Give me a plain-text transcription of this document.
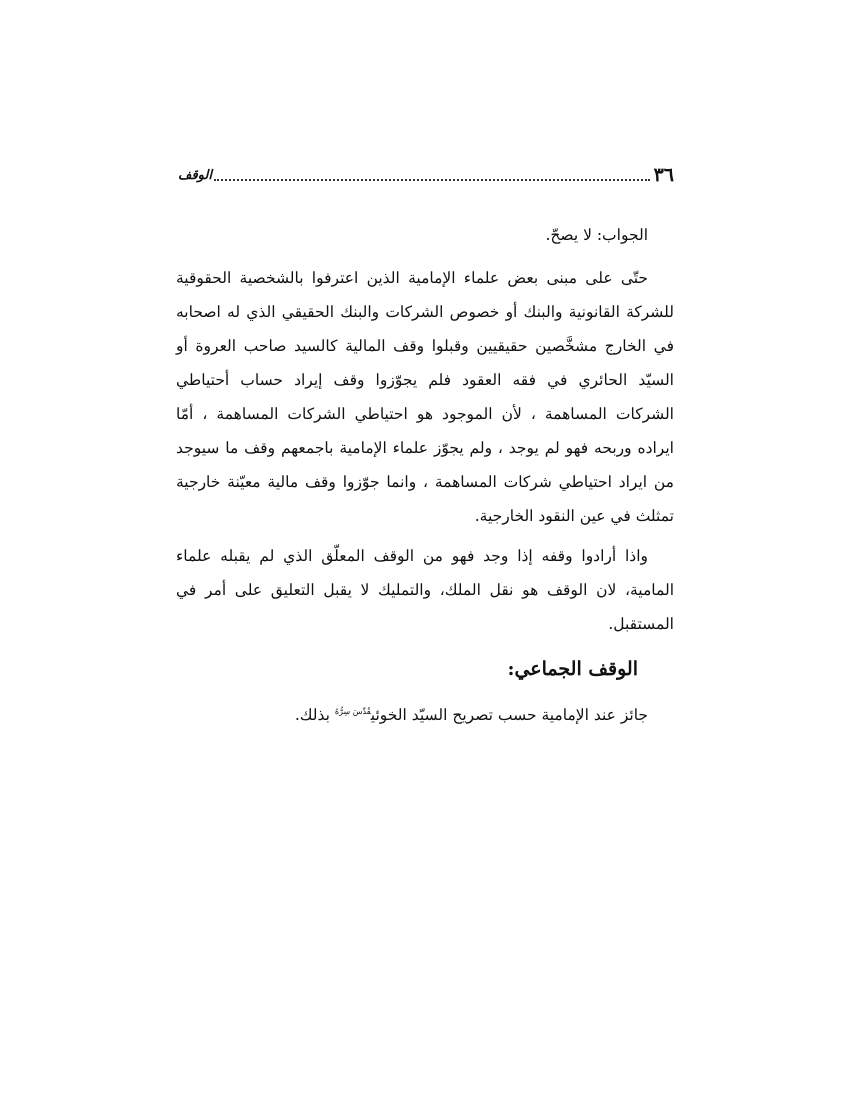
٣٦
الوقف

الجواب: لا يصحّ.

حتّى على مبنى بعض علماء الإمامية الذين اعترفوا بالشخصية الحقوقية للشركة القانونية والبنك أو خصوص الشركات والبنك الحقيقي الذي له اصحابه في الخارج مشخَّصين حقيقيين وقبلوا وقف المالية كالسيد صاحب العروة أو السيّد الحائري في فقه العقود فلم يجوّزوا وقف إيراد حساب أحتياطي الشركات المساهمة ، لأن الموجود هو احتياطي الشركات المساهمة ، أمّا ايراده وربحه فهو لم يوجد ، ولم يجوّز علماء الإمامية باجمعهم وقف ما سيوجد من ايراد احتياطي شركات المساهمة ، وانما جوّزوا وقف مالية معيّنة خارجية تمثلث في عين النقود الخارجية.

واذا أرادوا وقفه إذا وجد فهو من الوقف المعلّق الذي لم يقبله علماء المامية، لان الوقف هو نقل الملك، والتمليك لا يقبل التعليق على أمر في المستقبل.

الوقف الجماعي:

جائز عند الإمامية حسب تصريح السيّد الخوئي$^{قُدِّسَ سِرُّهُ}$ بذلك.
